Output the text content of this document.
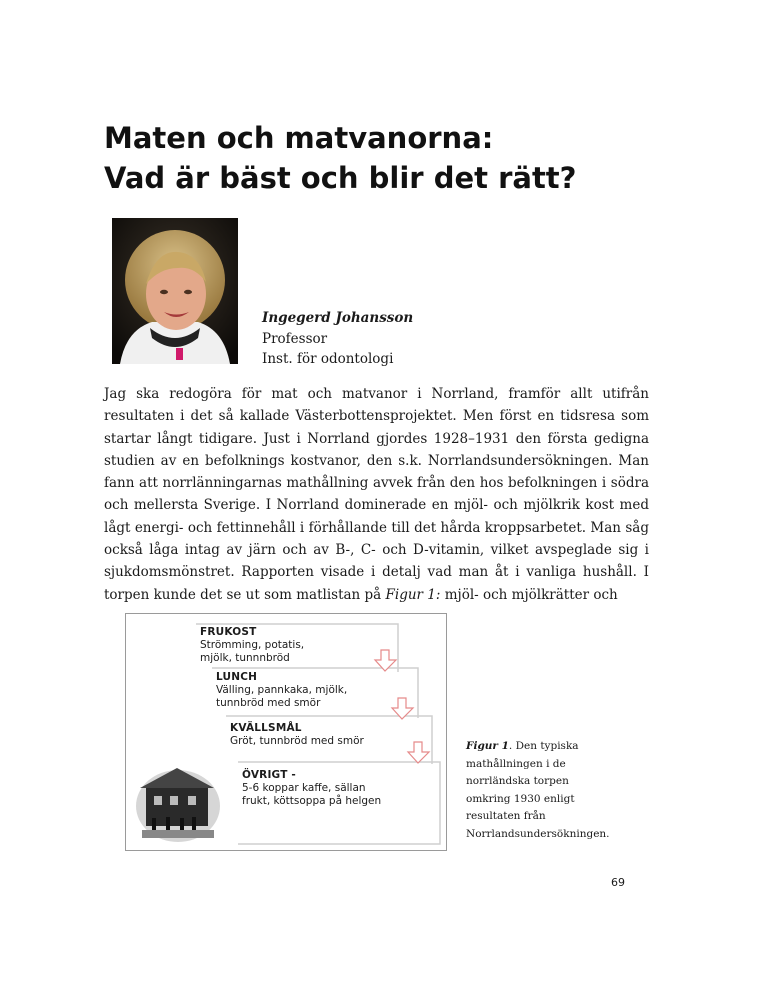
Maten och matvanorna:
Vad är bäst och blir det rätt?
Ingegerd Johansson
Professor
Inst. för odontologi

Jag ska redogöra för mat och matvanor i Norrland, framför allt utifrån resultaten i det så kallade Västerbottensprojektet. Men först en tidsresa som startar långt tidigare. Just i Norrland gjordes 1928–1931 den första gedigna studien av en befolknings kostvanor, den s.k. Norrlandsundersökningen. Man fann att norrlänningarnas mathållning avvek från den hos befolkningen i södra och mellersta Sverige. I Norrland dominerade en mjöl- och mjölkrik kost med lågt energi- och fettinnehåll i förhållande till det hårda kroppsarbetet. Man såg också låga intag av järn och av B-, C- och D-vitamin, vilket avspeglade sig i sjukdomsmönstret. Rapporten visade i detalj vad man åt i vanliga hushåll. I torpen kunde det se ut som matlistan på Figur 1: mjöl- och mjölkrätter och

FRUKOST
Strömming, potatis,
mjölk, tunnnbröd
LUNCH
Välling, pannkaka, mjölk,
tunnbröd med smör
KVÄLLSMÅL
Gröt, tunnbröd med smör
ÖVRIGT -
5-6 koppar kaffe, sällan
frukt, köttsoppa på helgen
Figur 1. Den typiska mathållningen i de norrländska torpen omkring 1930 enligt resultaten från Norrlandsundersökningen.
69
